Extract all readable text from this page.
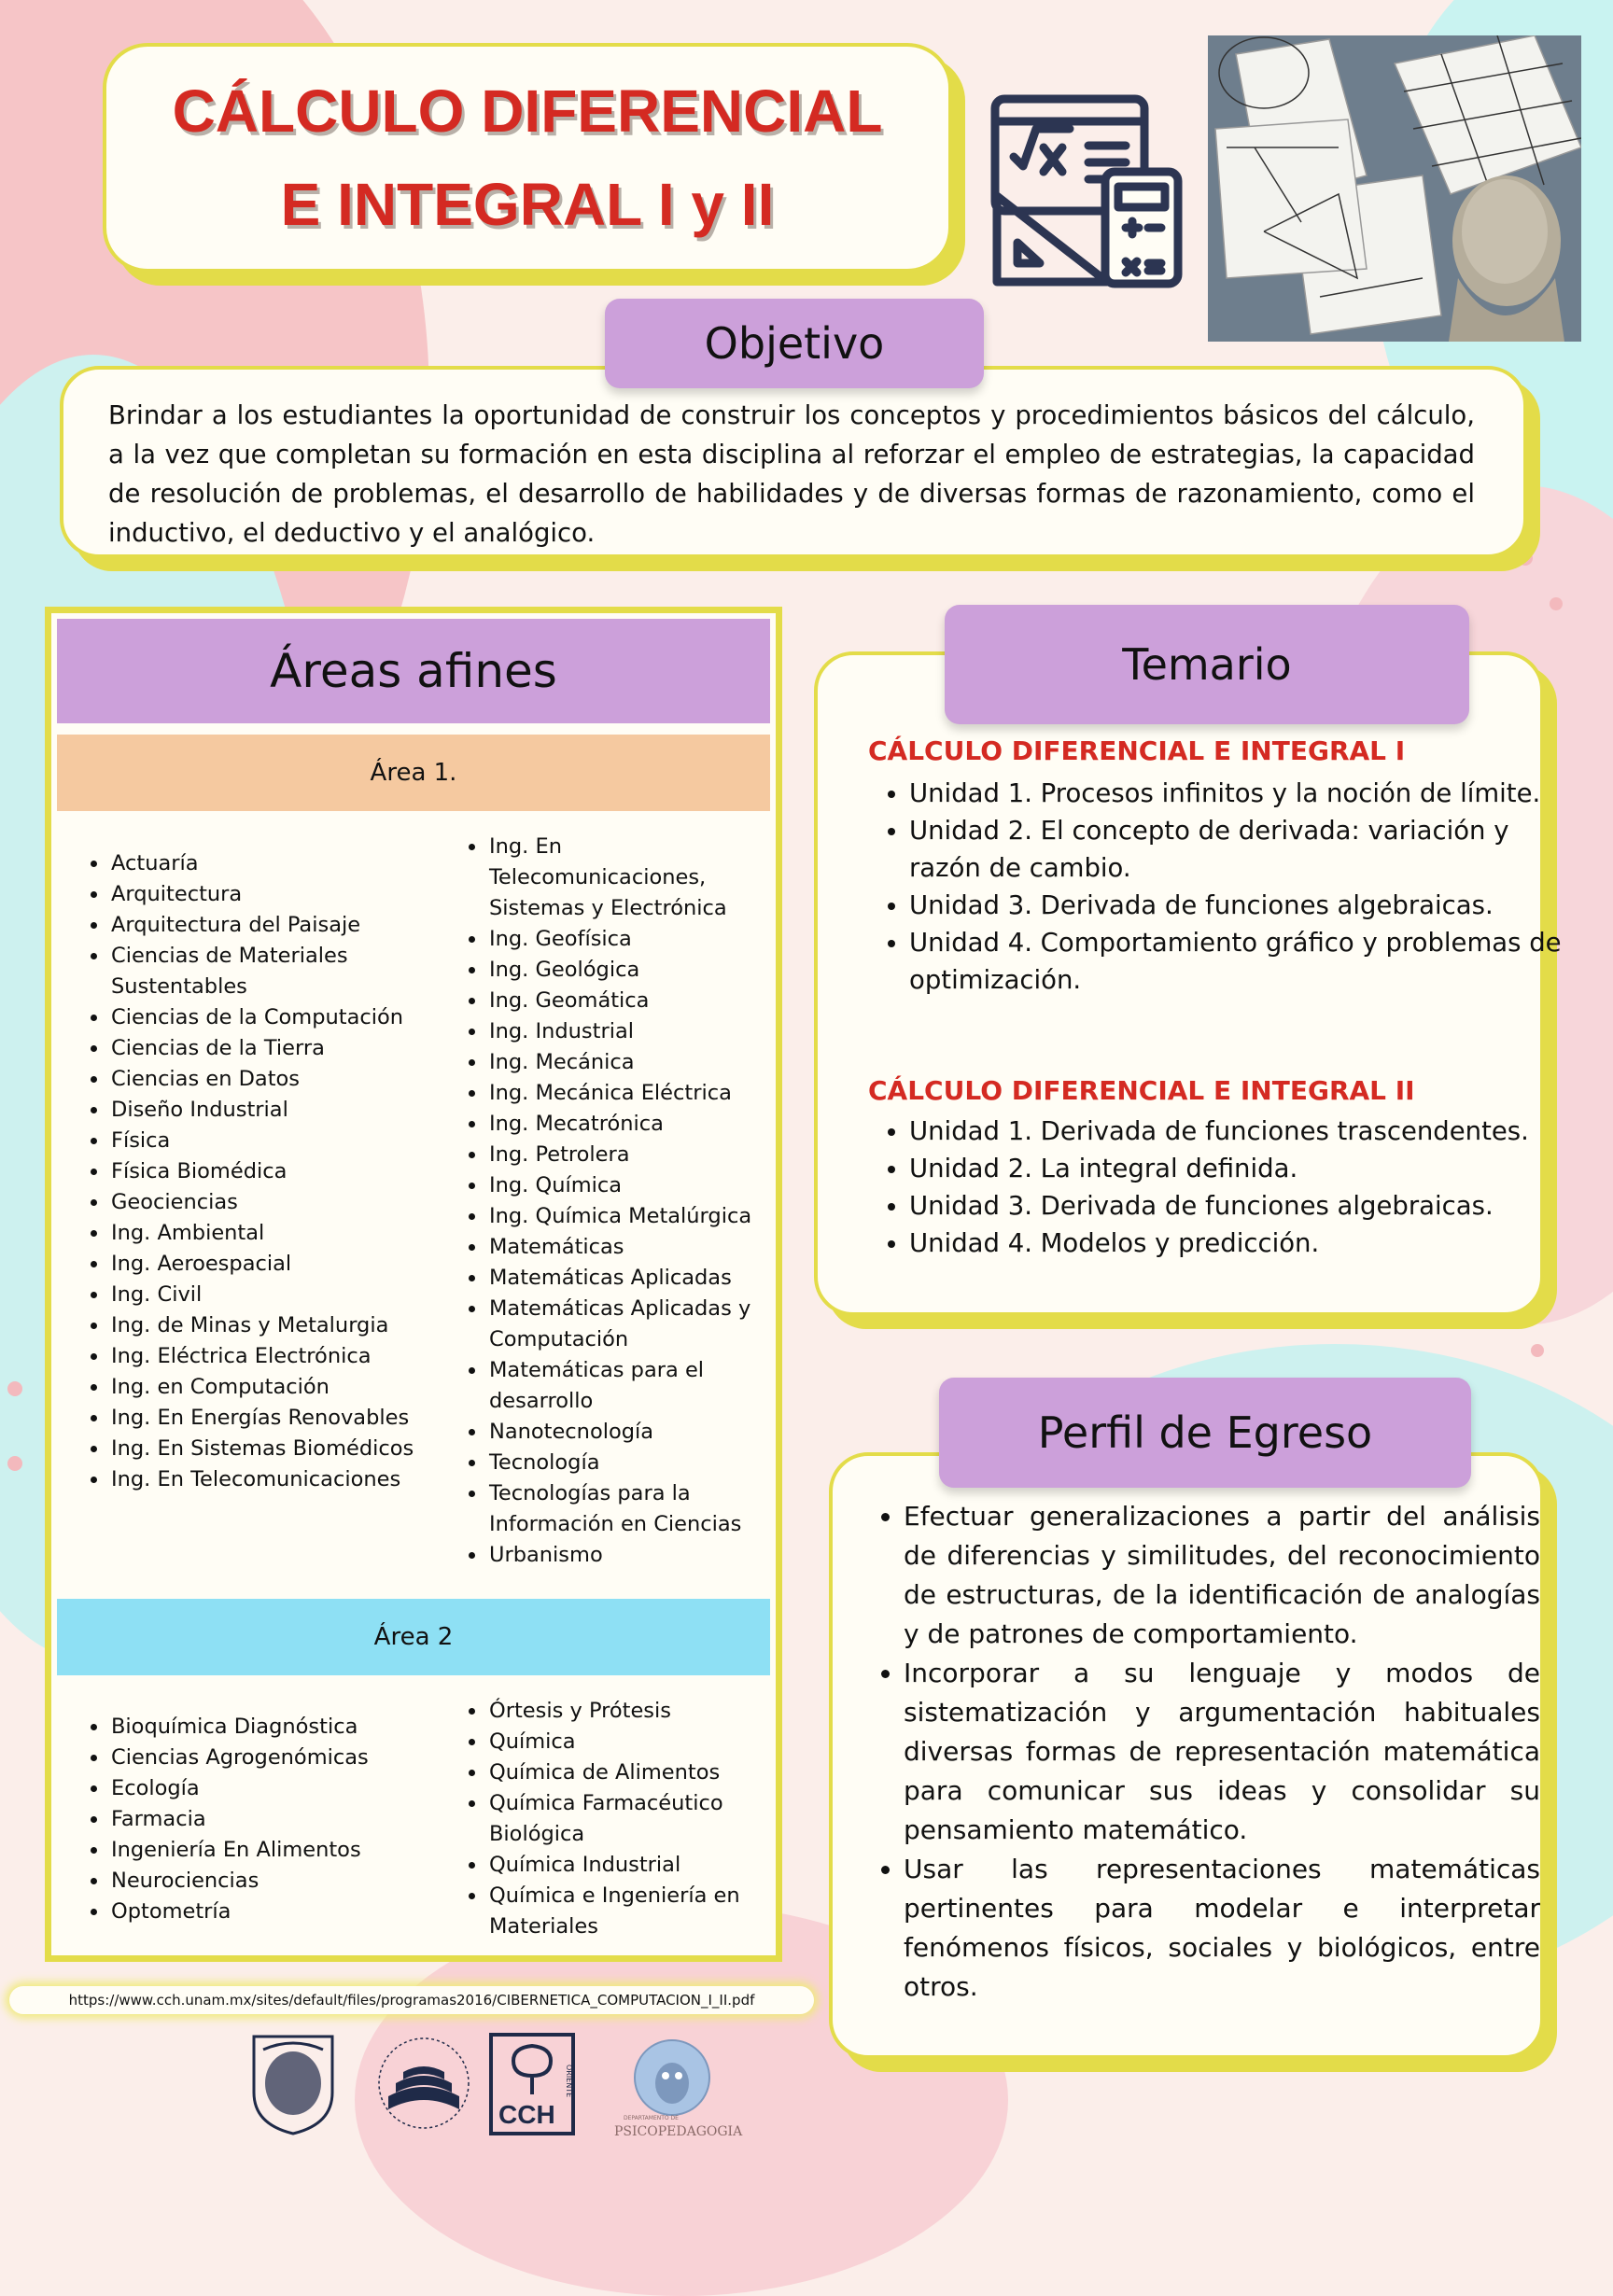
CÁLCULO DIFERENCIAL
E INTEGRAL I y II
Objetivo
Brindar a los estudiantes la oportunidad de construir los conceptos y procedimientos básicos del cálculo, a la vez que completan su formación en esta disciplina al reforzar el empleo de estrategias, la capacidad de resolución de problemas, el desarrollo de habilidades y de diversas formas de razonamiento, como el inductivo, el deductivo y el analógico.
Áreas afines
Área 1.
• Actuaría
• Arquitectura
• Arquitectura del Paisaje
• Ciencias de Materiales Sustentables
• Ciencias de la Computación
• Ciencias de la Tierra
• Ciencias en Datos
• Diseño Industrial
• Física
• Física Biomédica
• Geociencias
• Ing. Ambiental
• Ing. Aeroespacial
• Ing. Civil
• Ing. de Minas y Metalurgia
• Ing. Eléctrica Electrónica
• Ing. en Computación
• Ing. En Energías Renovables
• Ing. En Sistemas Biomédicos
• Ing. En Telecomunicaciones
• Ing. En Telecomunicaciones, Sistemas y Electrónica
• Ing. Geofísica
• Ing. Geológica
• Ing. Geomática
• Ing. Industrial
• Ing. Mecánica
• Ing. Mecánica Eléctrica
• Ing. Mecatrónica
• Ing. Petrolera
• Ing. Química
• Ing. Química Metalúrgica
• Matemáticas
• Matemáticas Aplicadas
• Matemáticas Aplicadas y Computación
• Matemáticas para el desarrollo
• Nanotecnología
• Tecnología
• Tecnologías para la Información en Ciencias
• Urbanismo
Área 2
• Bioquímica Diagnóstica
• Ciencias Agrogenómicas
• Ecología
• Farmacia
• Ingeniería En Alimentos
• Neurociencias
• Optometría
• Órtesis y Prótesis
• Química
• Química de Alimentos
• Química Farmacéutico Biológica
• Química Industrial
• Química e Ingeniería en Materiales
Temario
CÁLCULO DIFERENCIAL E INTEGRAL I
• Unidad 1. Procesos infinitos y la noción de límite.
• Unidad 2. El concepto de derivada: variación y razón de cambio.
• Unidad 3. Derivada de funciones algebraicas.
• Unidad 4. Comportamiento gráfico y problemas de optimización.
CÁLCULO DIFERENCIAL E INTEGRAL II
• Unidad 1. Derivada de funciones trascendentes.
• Unidad 2. La integral definida.
• Unidad 3. Derivada de funciones algebraicas.
• Unidad 4. Modelos y predicción.
Perfil de Egreso
• Efectuar generalizaciones a partir del análisis de diferencias y similitudes, del reconocimiento de estructuras, de la identificación de analogías y de patrones de comportamiento.
• Incorporar a su lenguaje y modos de sistematización y argumentación habituales diversas formas de representación matemática para comunicar sus ideas y consolidar su pensamiento matemático.
• Usar las representaciones matemáticas pertinentes para modelar e interpretar fenómenos físicos, sociales y biológicos, entre otros.
https://www.cch.unam.mx/sites/default/files/programas2016/CIBERNETICA_COMPUTACION_I_II.pdf
CCH
ORIENTE
DEPARTAMENTO DE
PSICOPEDAGOGIA
